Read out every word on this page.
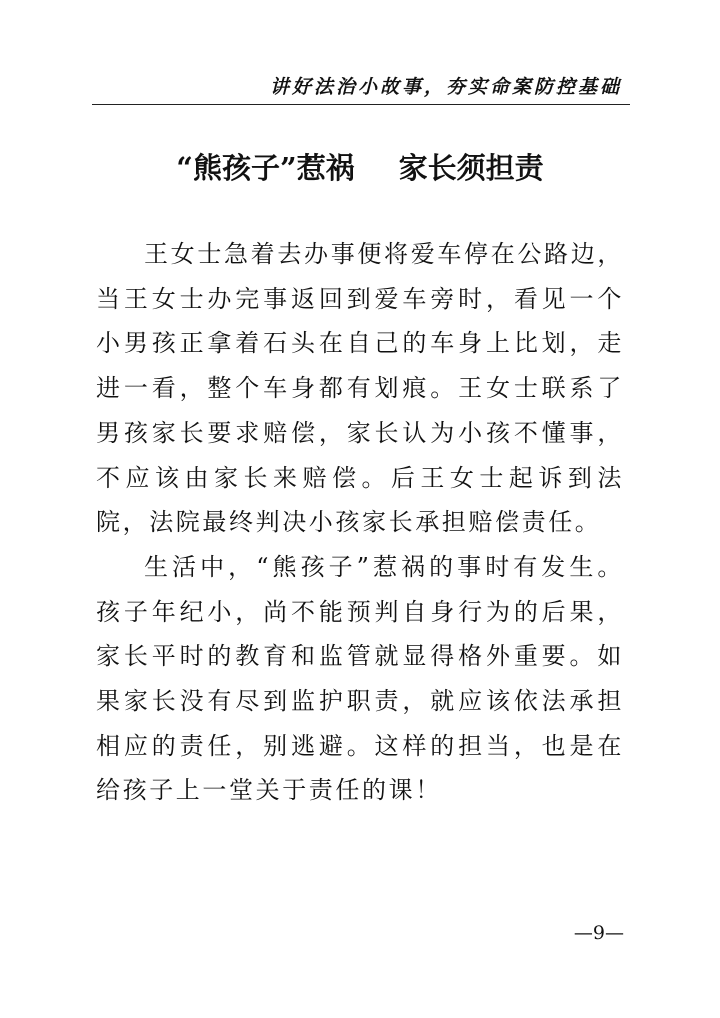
讲好法治小故事，夯实命案防控基础
“熊孩子”惹祸 家长须担责

王女士急着去办事便将爱车停在公路边，当王女士办完事返回到爱车旁时，看见一个小男孩正拿着石头在自己的车身上比划，走进一看，整个车身都有划痕。王女士联系了男孩家长要求赔偿，家长认为小孩不懂事，不应该由家长来赔偿。后王女士起诉到法院，法院最终判决小孩家长承担赔偿责任。

生活中，“熊孩子”惹祸的事时有发生。孩子年纪小，尚不能预判自身行为的后果，家长平时的教育和监管就显得格外重要。如果家长没有尽到监护职责，就应该依法承担相应的责任，别逃避。这样的担当，也是在给孩子上一堂关于责任的课！

—9—
